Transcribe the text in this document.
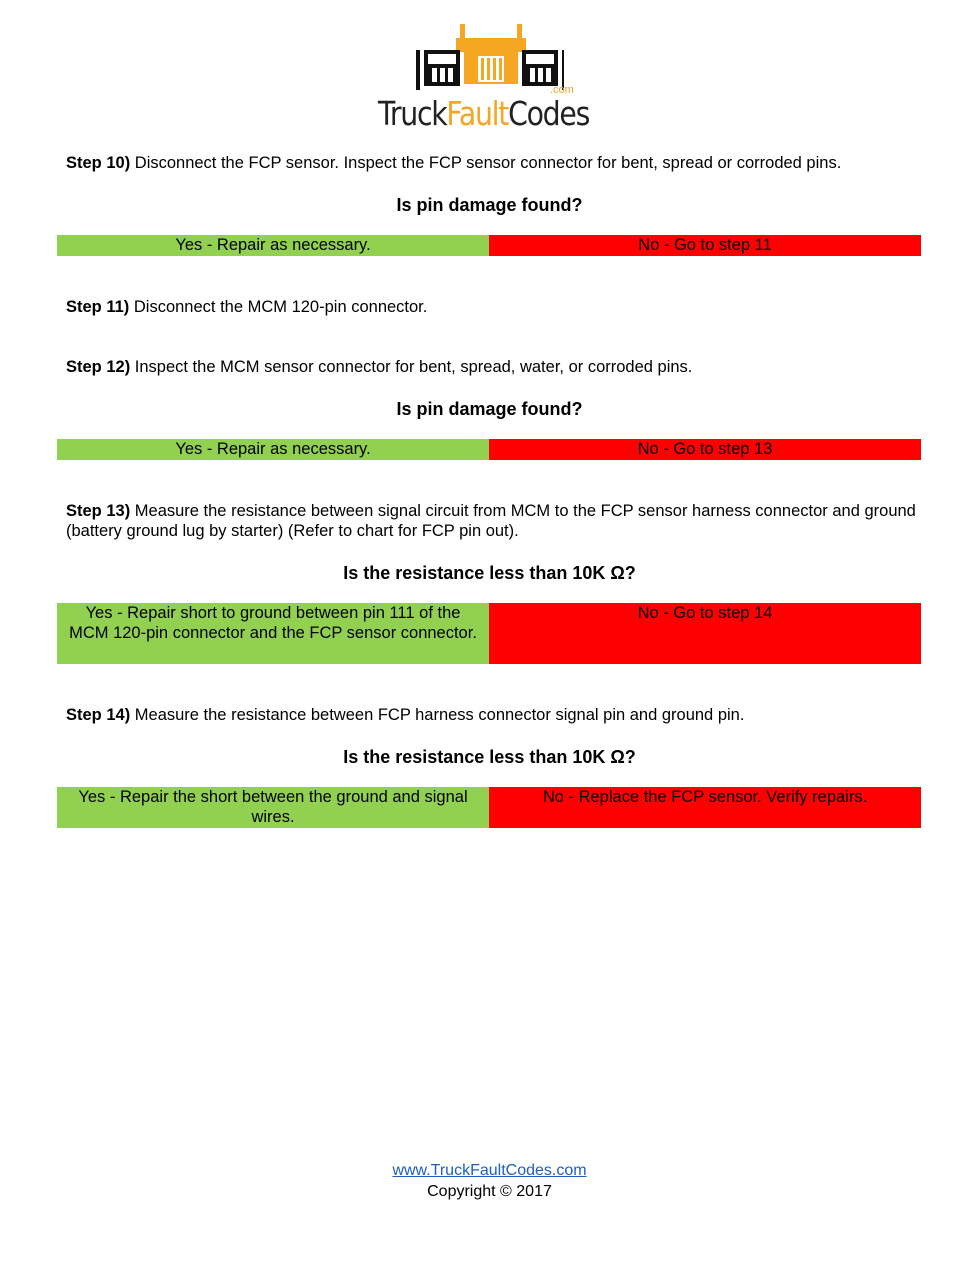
TruckFaultCodes
.com
Step 10) Disconnect the FCP sensor. Inspect the FCP sensor connector for bent, spread or corroded pins.
Is pin damage found?
Yes - Repair as necessary.	No - Go to step 11
Step 11) Disconnect the MCM 120-pin connector.
Step 12) Inspect the MCM sensor connector for bent, spread, water, or corroded pins.
Is pin damage found?
Yes - Repair as necessary.	No - Go to step 13
Step 13) Measure the resistance between signal circuit from MCM to the FCP sensor harness connector and ground (battery ground lug by starter) (Refer to chart for FCP pin out).
Is the resistance less than 10K Ω?
Yes - Repair short to ground between pin 111 of the MCM 120-pin connector and the FCP sensor connector.
No - Go to step 14
Step 14) Measure the resistance between FCP harness connector signal pin and ground pin.
Is the resistance less than 10K Ω?
Yes - Repair the short between the ground and signal wires.
No - Replace the FCP sensor. Verify repairs.
www.TruckFaultCodes.com
Copyright © 2017
